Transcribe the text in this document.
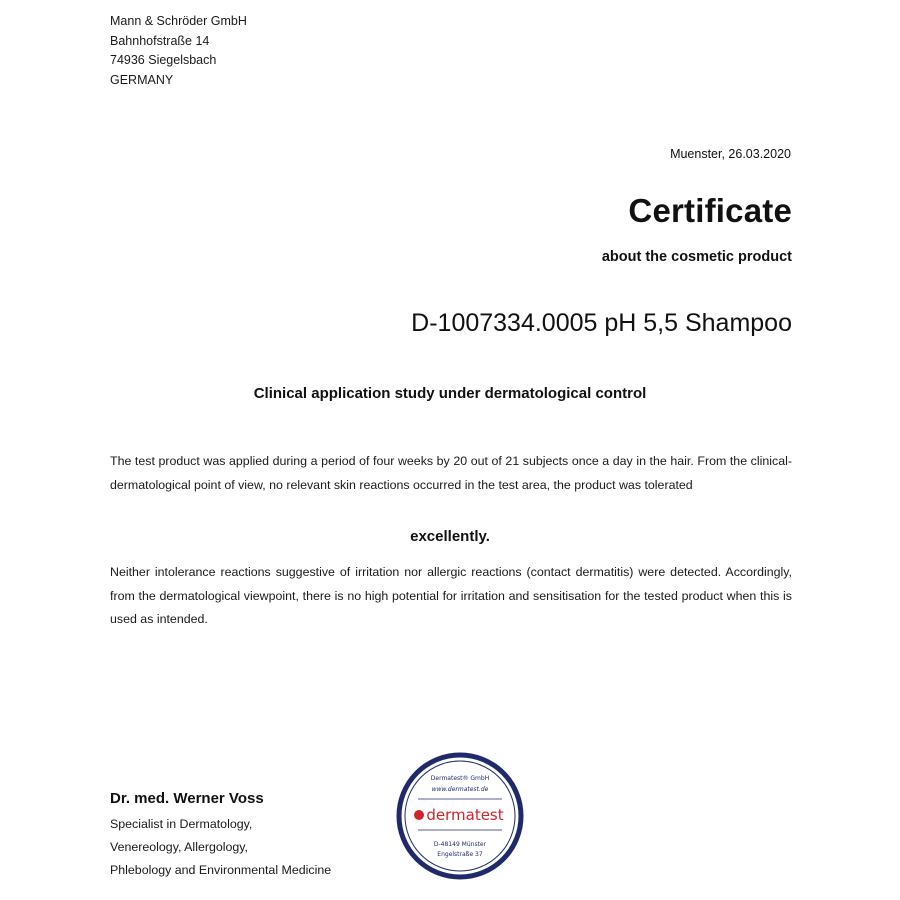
Mann & Schröder GmbH
Bahnhofstraße 14
74936 Siegelsbach
GERMANY
Muenster, 26.03.2020
Certificate
about the cosmetic product
D-1007334.0005 pH 5,5 Shampoo
Clinical application study under dermatological control
The test product was applied during a period of four weeks by 20 out of 21 subjects once a day in the hair. From the clinical-dermatological point of view, no relevant skin reactions occurred in the test area, the product was tolerated
excellently.
Neither intolerance reactions suggestive of irritation nor allergic reactions (contact dermatitis) were detected. Accordingly, from the dermatological viewpoint, there is no high potential for irritation and sensitisation for the tested product when this is used as intended.
Dr. med. Werner Voss
Specialist in Dermatology,
Venereology, Allergology,
Phlebology and Environmental Medicine
Dermatest® GmbH
www.dermatest.de
dermatest
D-48149 Münster
Engelstraße 37
